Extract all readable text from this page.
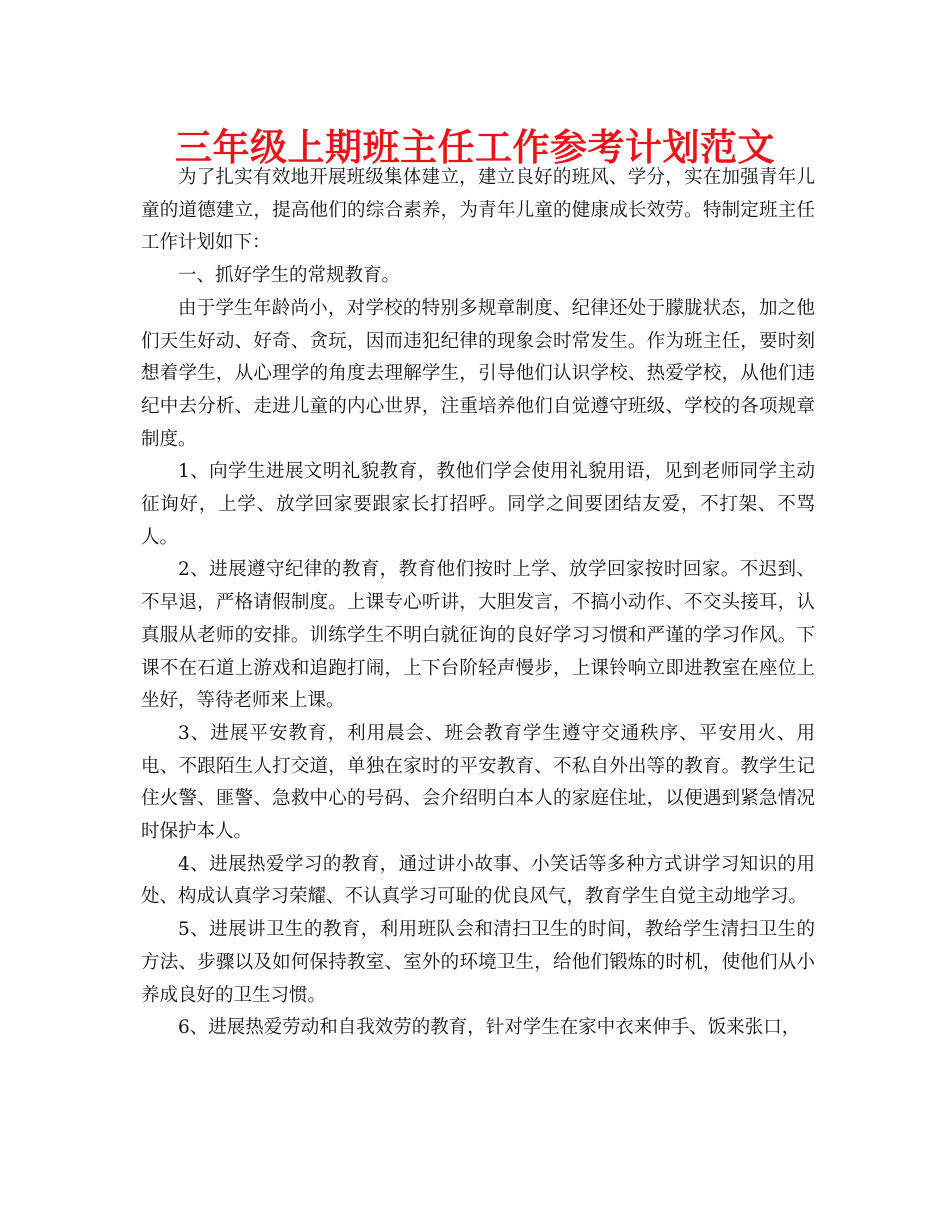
三年级上期班主任工作参考计划范文

为了扎实有效地开展班级集体建立，建立良好的班风、学分，实在加强青年儿童的道德建立，提高他们的综合素养，为青年儿童的健康成长效劳。特制定班主任工作计划如下：

一、抓好学生的常规教育。

由于学生年龄尚小，对学校的特别多规章制度、纪律还处于朦胧状态，加之他们天生好动、好奇、贪玩，因而违犯纪律的现象会时常发生。作为班主任，要时刻想着学生，从心理学的角度去理解学生，引导他们认识学校、热爱学校，从他们违纪中去分析、走进儿童的内心世界，注重培养他们自觉遵守班级、学校的各项规章制度。

1、向学生进展文明礼貌教育，教他们学会使用礼貌用语，见到老师同学主动征询好，上学、放学回家要跟家长打招呼。同学之间要团结友爱，不打架、不骂人。

2、进展遵守纪律的教育，教育他们按时上学、放学回家按时回家。不迟到、不早退，严格请假制度。上课专心听讲，大胆发言，不搞小动作、不交头接耳，认真服从老师的安排。训练学生不明白就征询的良好学习习惯和严谨的学习作风。下课不在石道上游戏和追跑打闹，上下台阶轻声慢步，上课铃响立即进教室在座位上坐好，等待老师来上课。

3、进展平安教育，利用晨会、班会教育学生遵守交通秩序、平安用火、用电、不跟陌生人打交道，单独在家时的平安教育、不私自外出等的教育。教学生记住火警、匪警、急救中心的号码、会介绍明白本人的家庭住址，以便遇到紧急情况时保护本人。

4、进展热爱学习的教育，通过讲小故事、小笑话等多种方式讲学习知识的用处、构成认真学习荣耀、不认真学习可耻的优良风气，教育学生自觉主动地学习。

5、进展讲卫生的教育，利用班队会和清扫卫生的时间，教给学生清扫卫生的方法、步骤以及如何保持教室、室外的环境卫生，给他们锻炼的时机，使他们从小养成良好的卫生习惯。

6、进展热爱劳动和自我效劳的教育，针对学生在家中衣来伸手、饭来张口，
